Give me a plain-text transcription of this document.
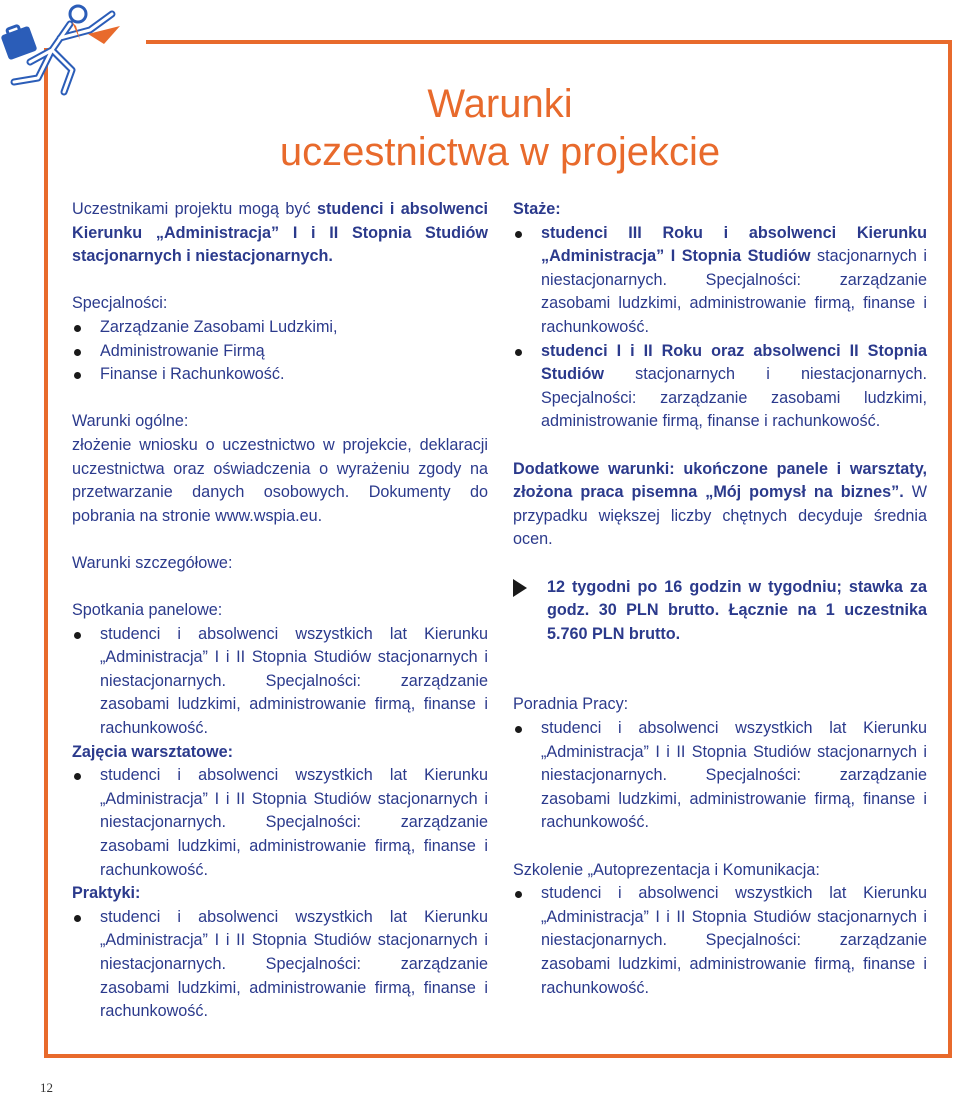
Warunki
uczestnictwa w projekcie

Uczestnikami projektu mogą być studenci i absolwenci Kierunku „Administracja” I i II Stopnia Studiów stacjonarnych i niestacjonarnych.

Specjalności:

Zarządzanie Zasobami Ludzkimi,
Administrowanie Firmą
Finanse i Rachunkowość.

Warunki ogólne:

złożenie wniosku o uczestnictwo w projekcie, deklaracji uczestnictwa oraz oświadczenia o wyrażeniu zgody na przetwarzanie danych osobowych. Dokumenty do pobrania na stronie www.wspia.eu.

Warunki szczegółowe:

Spotkania panelowe:

studenci i absolwenci wszystkich lat Kierunku „Administracja” I i II Stopnia Studiów stacjonarnych i niestacjonarnych. Specjalności: zarządzanie zasobami ludzkimi, administrowanie firmą, finanse i rachunkowość.

Zajęcia warsztatowe:

studenci i absolwenci wszystkich lat Kierunku „Administracja” I i II Stopnia Studiów stacjonarnych i niestacjonarnych. Specjalności: zarządzanie zasobami ludzkimi, administrowanie firmą, finanse i rachunkowość.

Praktyki:

studenci i absolwenci wszystkich lat Kierunku „Administracja” I i II Stopnia Studiów stacjonarnych i niestacjonarnych. Specjalności: zarządzanie zasobami ludzkimi, administrowanie firmą, finanse i rachunkowość.

Staże:

studenci III Roku i absolwenci Kierunku „Administracja” I Stopnia Studiów stacjonarnych i niestacjonarnych. Specjalności: zarządzanie zasobami ludzkimi, administrowanie firmą, finanse i rachunkowość.
studenci I i II Roku oraz absolwenci II Stopnia Studiów stacjonarnych i niestacjonarnych. Specjalności: zarządzanie zasobami ludzkimi, administrowanie firmą, finanse i rachunkowość.

Dodatkowe warunki: ukończone panele i warsztaty, złożona praca pisemna „Mój pomysł na biznes”. W przypadku większej liczby chętnych decyduje średnia ocen.

12 tygodni po 16 godzin w tygodniu; stawka za godz. 30 PLN brutto. Łącznie na 1 uczestnika 5.760 PLN brutto.

Poradnia Pracy:

studenci i absolwenci wszystkich lat Kierunku „Administracja” I i II Stopnia Studiów stacjonarnych i niestacjonarnych. Specjalności: zarządzanie zasobami ludzkimi, administrowanie firmą, finanse i rachunkowość.

Szkolenie „Autoprezentacja i Komunikacja:

studenci i absolwenci wszystkich lat Kierunku „Administracja” I i II Stopnia Studiów stacjonarnych i niestacjonarnych. Specjalności: zarządzanie zasobami ludzkimi, administrowanie firmą, finanse i rachunkowość.
12
